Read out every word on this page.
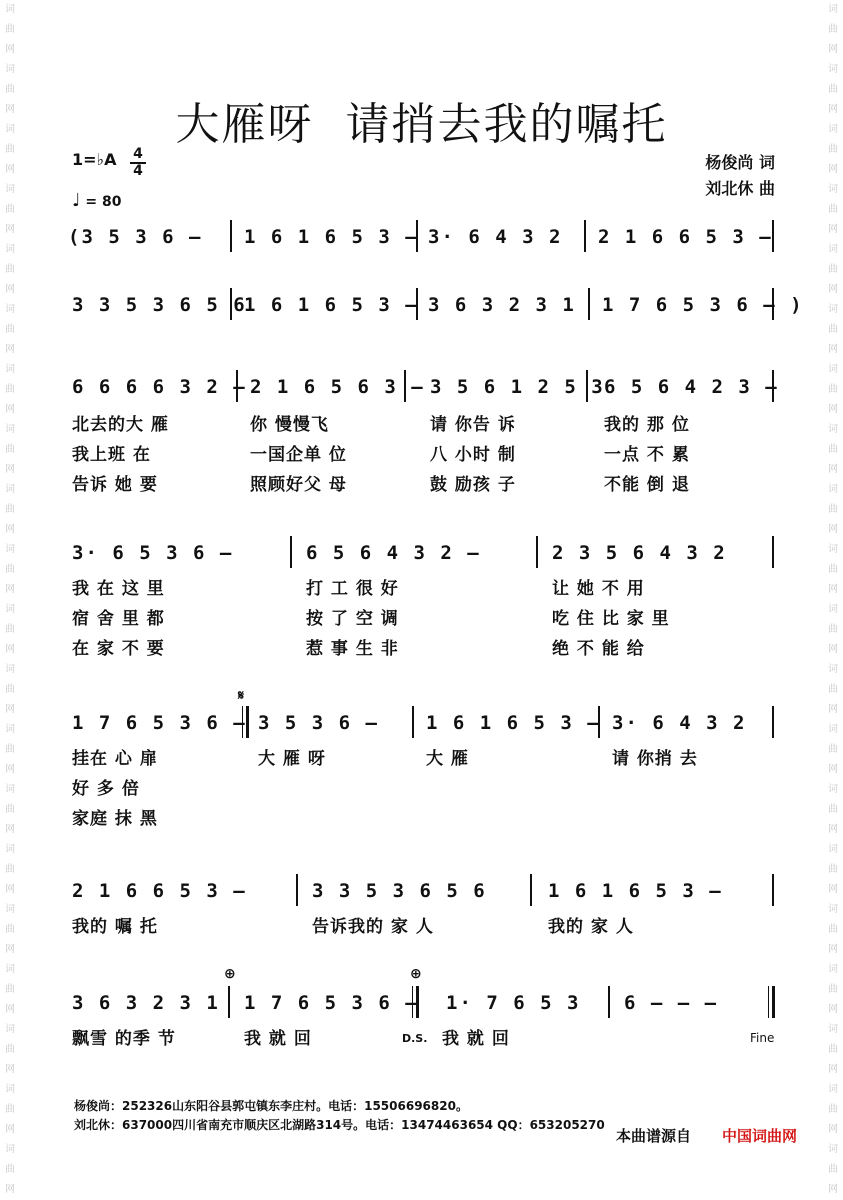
词曲网词曲网词曲网词曲网词曲网词曲网词曲网词曲网词曲网词曲网词曲网词曲网词曲网词曲网词曲网词曲网词曲网词曲网词曲网词曲网
词曲网词曲网词曲网词曲网词曲网词曲网词曲网词曲网词曲网词曲网词曲网词曲网词曲网词曲网词曲网词曲网词曲网词曲网词曲网词曲网
大雁呀  请捎去我的嘱托
1=♭A 4
4
♩ = 80
杨俊尚 词
刘北休 曲
(3 5 3 6 – 1 6 1 6 5 3 – 3· 6 4 3 2 2 1 6 6 5 3 –
3 3 5 3 6 5 6
1 6 1 6 5 3 – 3 6 3 2 3 1 1 7 6 5 3 6 – )
6 6 6 6 3 2 – 2 1 6 5 6 3 – 3 5 6 1 2 5 3 6 5 6 4 2 3 –
北去的大 雁	你 慢慢飞	请 你告 诉	我的 那 位
我上班 在	一国企单 位	八 小时 制	一点 不 累
告诉 她 要	照顾好父 母	鼓 励孩 子	不能 倒 退
3· 6 5 3 6 –	6 5 6 4 3 2 –	2 3 5 6 4 3 2
我 在 这 里	打 工 很 好	让 她 不 用
宿 舍 里 都	按 了 空 调	吃 住 比 家 里
在 家 不 要	惹 事 生 非	绝 不 能 给
𝄋
1 7 6 5 3 6 – 3 5 3 6 – 1 6 1 6 5 3 – 3· 6 4 3 2
挂在 心 扉	大 雁 呀	大 雁	请 你捎 去
好 多 倍
家庭 抹 黑
2 1 6 6 5 3 –	3 3 5 3 6 5 6	1 6 1 6 5 3 –
我的 嘱 托	告诉我的 家 人	我的 家 人
⊕	⊕
3 6 3 2 3 1 1 7 6 5 3 6 – 1· 7 6 5 3 6 – – –
飘雪 的季 节	我 就 回	D.S. 我 就 回	Fine
杨俊尚：252326山东阳谷县郭屯镇东李庄村。电话：15506696820。
刘北休：637000四川省南充市顺庆区北湖路314号。电话：13474463654 QQ：653205270
本曲谱源自 中国词曲网
